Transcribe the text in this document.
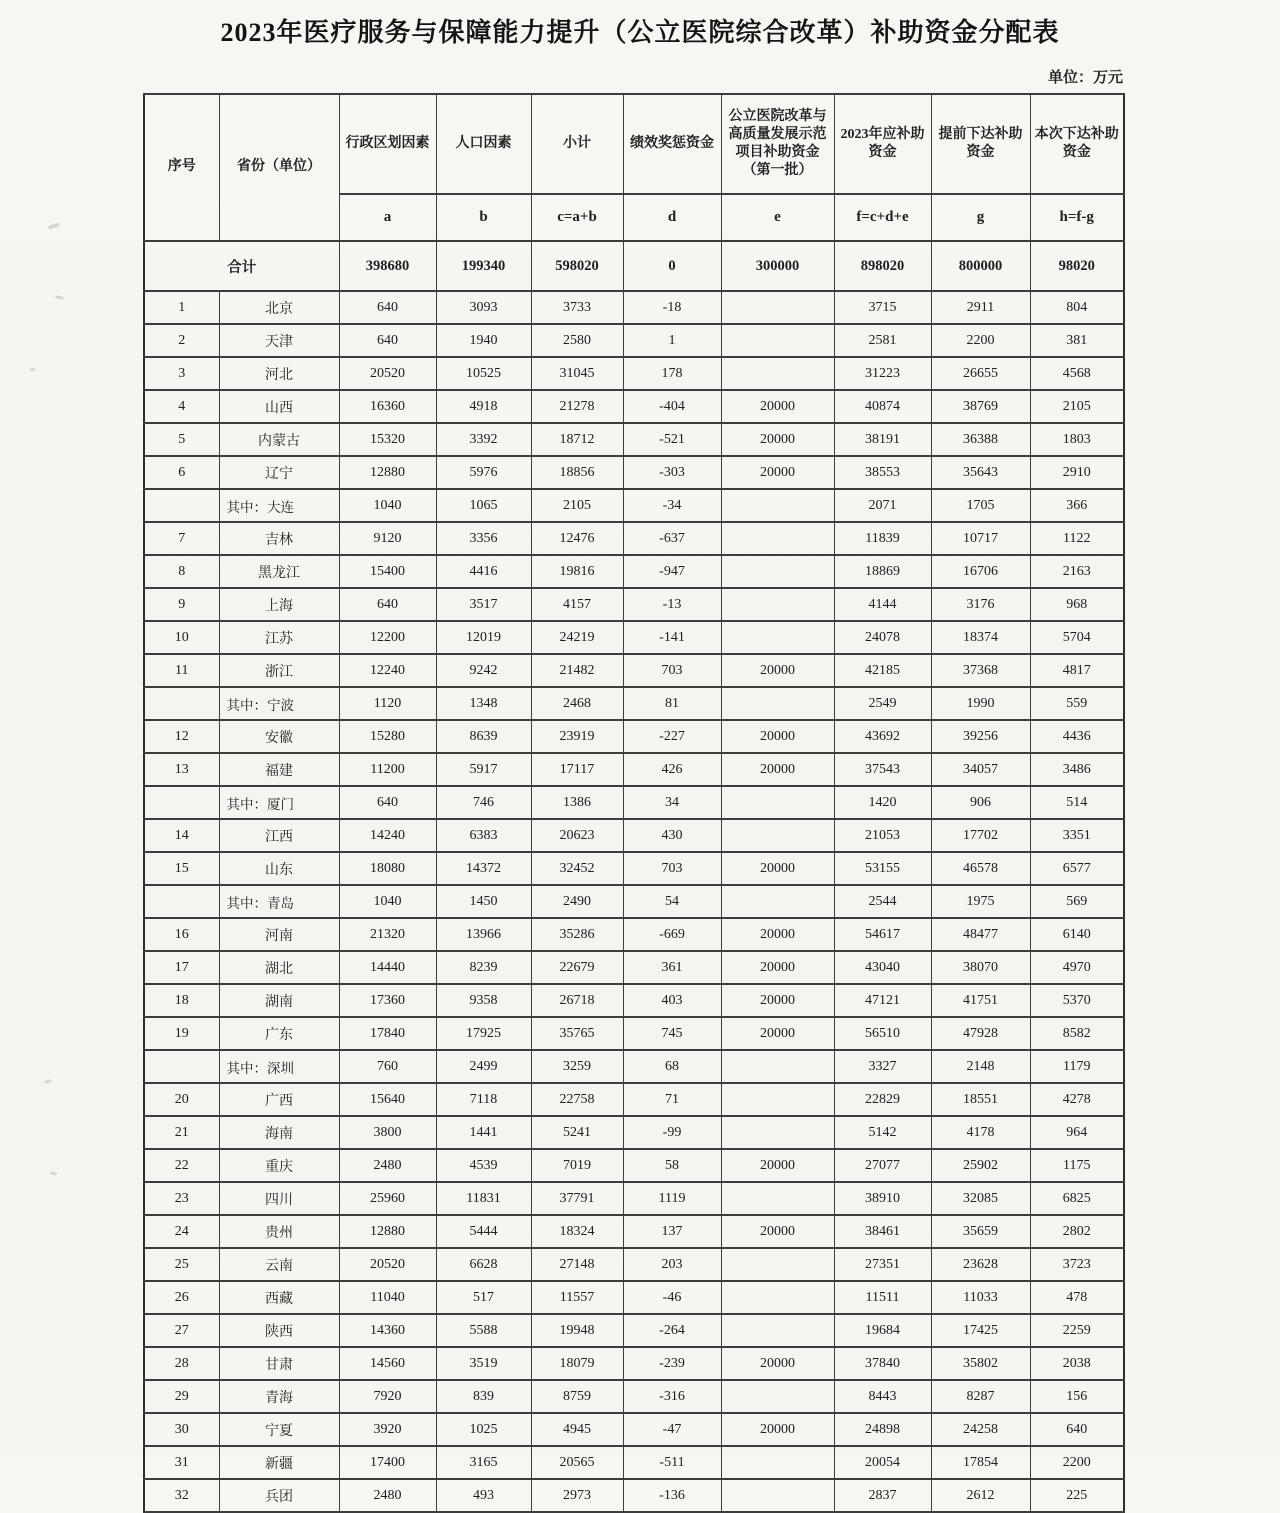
2023年医疗服务与保障能力提升（公立医院综合改革）补助资金分配表
单位：万元
序号	省份（单位）	行政区划因素	人口因素	小计	绩效奖惩资金	公立医院改革与高质量发展示范项目补助资金（第一批）	2023年应补助资金	提前下达补助资金	本次下达补助资金
		a	b	c=a+b	d	e	f=c+d+e	g	h=f-g
合计		398680	199340	598020	0	300000	898020	800000	98020
1	北京	640	3093	3733	-18		3715	2911	804
2	天津	640	1940	2580	1		2581	2200	381
3	河北	20520	10525	31045	178		31223	26655	4568
4	山西	16360	4918	21278	-404	20000	40874	38769	2105
5	内蒙古	15320	3392	18712	-521	20000	38191	36388	1803
6	辽宁	12880	5976	18856	-303	20000	38553	35643	2910
	其中：大连	1040	1065	2105	-34		2071	1705	366
7	吉林	9120	3356	12476	-637		11839	10717	1122
8	黑龙江	15400	4416	19816	-947		18869	16706	2163
9	上海	640	3517	4157	-13		4144	3176	968
10	江苏	12200	12019	24219	-141		24078	18374	5704
11	浙江	12240	9242	21482	703	20000	42185	37368	4817
	其中：宁波	1120	1348	2468	81		2549	1990	559
12	安徽	15280	8639	23919	-227	20000	43692	39256	4436
13	福建	11200	5917	17117	426	20000	37543	34057	3486
	其中：厦门	640	746	1386	34		1420	906	514
14	江西	14240	6383	20623	430		21053	17702	3351
15	山东	18080	14372	32452	703	20000	53155	46578	6577
	其中：青岛	1040	1450	2490	54		2544	1975	569
16	河南	21320	13966	35286	-669	20000	54617	48477	6140
17	湖北	14440	8239	22679	361	20000	43040	38070	4970
18	湖南	17360	9358	26718	403	20000	47121	41751	5370
19	广东	17840	17925	35765	745	20000	56510	47928	8582
	其中：深圳	760	2499	3259	68		3327	2148	1179
20	广西	15640	7118	22758	71		22829	18551	4278
21	海南	3800	1441	5241	-99		5142	4178	964
22	重庆	2480	4539	7019	58	20000	27077	25902	1175
23	四川	25960	11831	37791	1119		38910	32085	6825
24	贵州	12880	5444	18324	137	20000	38461	35659	2802
25	云南	20520	6628	27148	203		27351	23628	3723
26	西藏	11040	517	11557	-46		11511	11033	478
27	陕西	14360	5588	19948	-264		19684	17425	2259
28	甘肃	14560	3519	18079	-239	20000	37840	35802	2038
29	青海	7920	839	8759	-316		8443	8287	156
30	宁夏	3920	1025	4945	-47	20000	24898	24258	640
31	新疆	17400	3165	20565	-511		20054	17854	2200
32	兵团	2480	493	2973	-136		2837	2612	225
